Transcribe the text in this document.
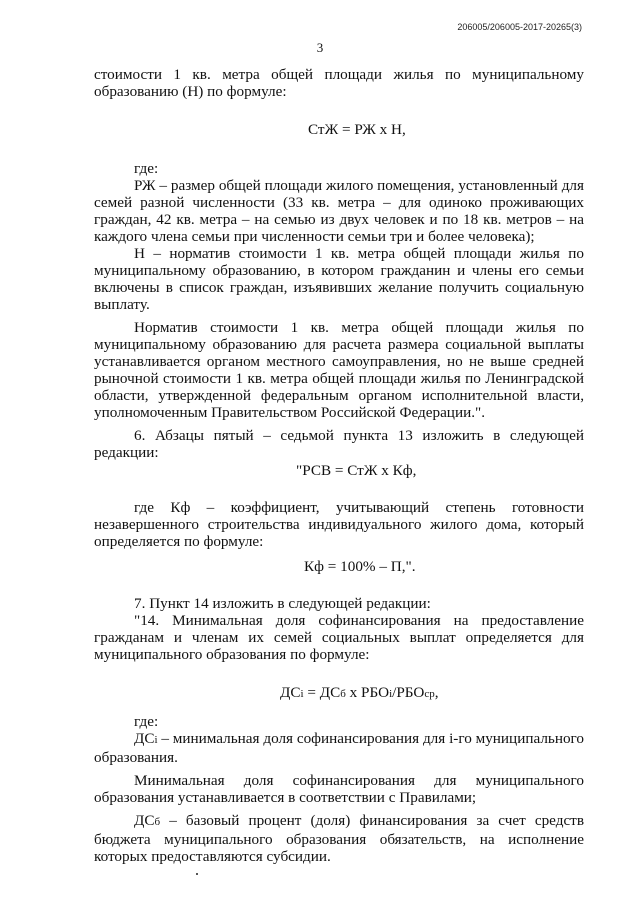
206005/206005-2017-20265(3)
3

стоимости 1 кв. метра общей площади жилья по муниципальному образованию (Н) по формуле:

СтЖ = РЖ х Н,

где:

РЖ – размер общей площади жилого помещения, установленный для семей разной численности (33 кв. метра – для одиноко проживающих граждан, 42 кв. метра – на семью из двух человек и по 18 кв. метров – на каждого члена семьи при численности семьи три и более человека);

Н – норматив стоимости 1 кв. метра общей площади жилья по муниципальному образованию, в котором гражданин и члены его семьи включены в список граждан, изъявивших желание получить социальную выплату.

Норматив стоимости 1 кв. метра общей площади жилья по муниципальному образованию для расчета размера социальной выплаты устанавливается органом местного самоуправления, но не выше средней рыночной стоимости 1 кв. метра общей площади жилья по Ленинградской области, утвержденной федеральным органом исполнительной власти, уполномоченным Правительством Российской Федерации.".

6. Абзацы пятый – седьмой пункта 13 изложить в следующей редакции:

"РСВ = СтЖ х Кф,

где Кф – коэффициент, учитывающий степень готовности незавершенного строительства индивидуального жилого дома, который определяется по формуле:

Кф = 100% – П,".

7. Пункт 14 изложить в следующей редакции:

"14. Минимальная доля софинансирования на предоставление гражданам и членам их семей социальных выплат определяется для муниципального образования по формуле:

ДСi = ДСб х РБОi/РБОср,

где:

ДСi – минимальная доля софинансирования для i-го муниципального образования.

Минимальная доля софинансирования для муниципального образования устанавливается в соответствии с Правилами;

ДСб – базовый процент (доля) финансирования за счет средств бюджета муниципального образования обязательств, на исполнение которых предоставляются субсидии.
